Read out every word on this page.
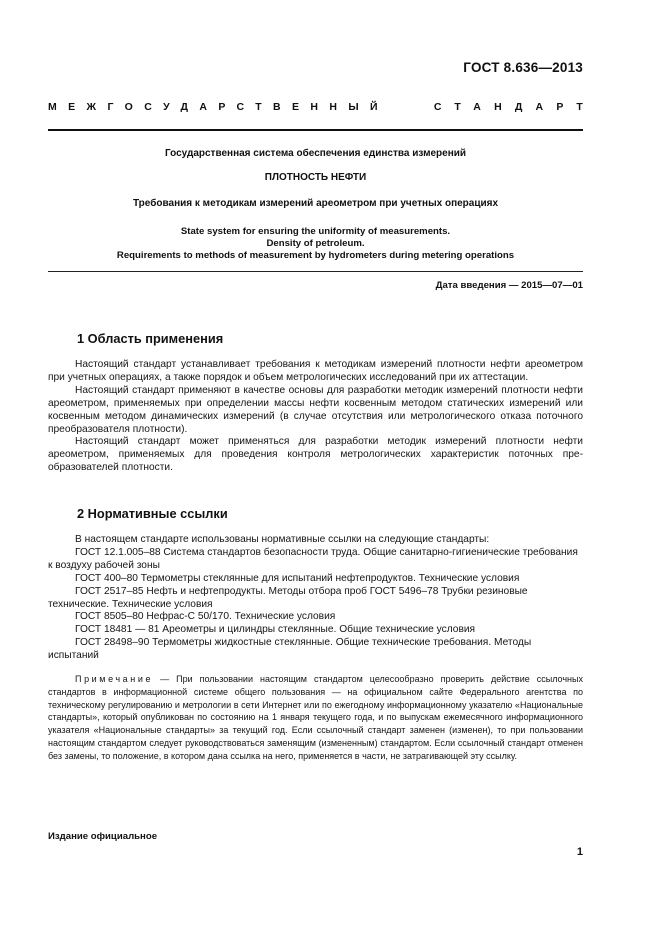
ГОСТ 8.636—2013
МЕЖГОСУДАРСТВЕННЫЙ	СТАНДАРТ
Государственная система обеспечения единства измерений
ПЛОТНОСТЬ НЕФТИ
Требования к методикам измерений ареометром при учетных операциях
State system for ensuring the uniformity of measurements.
Density of petroleum.
Requirements to methods of measurement by hydrometers during metering operations
Дата введения — 2015—07—01
1 Область применения

Настоящий стандарт устанавливает требования к методикам измерений плотности нефти ареометром при учетных операциях, а также порядок и объем метрологических исследований при их аттестации.

Настоящий стандарт применяют в качестве основы для разработки методик измерений плотности нефти ареометром, применяемых при определении массы нефти косвенным методом статических измерений или косвенным методом динамических измерений (в случае отсутствия или метрологического отказа поточного преобразователя плотности).

Настоящий стандарт может применяться для разработки методик измерений плотности нефти ареометром, применяемых для проведения контроля метрологических характеристик поточных преобразователей плотности.

2 Нормативные ссылки

В настоящем стандарте использованы нормативные ссылки на следующие стандарты:

ГОСТ 12.1.005–88 Система стандартов безопасности труда. Общие санитарно-гигиенические требования к воздуху рабочей зоны

ГОСТ 400–80 Термометры стеклянные для испытаний нефтепродуктов. Технические условия

ГОСТ 2517–85 Нефть и нефтепродукты. Методы отбора проб ГОСТ 5496–78 Трубки резиновые технические. Технические условия

ГОСТ 8505–80 Нефрас-С 50/170. Технические условия

ГОСТ 18481 — 81 Ареометры и цилиндры стеклянные. Общие технические условия

ГОСТ 28498–90 Термометры жидкостные стеклянные. Общие технические требования. Методы испытаний

Примечание — При пользовании настоящим стандартом целесообразно проверить действие ссылочных стандартов в информационной системе общего пользования — на официальном сайте Федерального агентства по техническому регулированию и метрологии в сети Интернет или по ежегодному информационному указателю «Национальные стандарты», который опубликован по состоянию на 1 января текущего года, и по выпускам ежемесячного информационного указателя «Национальные стандарты» за текущий год. Если ссылочный стандарт заменен (изменен), то при пользовании настоящим стандартом следует руководствоваться заменящим (измененным) стандартом. Если ссылочный стандарт отменен без замены, то положение, в котором дана ссылка на него, применяется в части, не затрагивающей эту ссылку.

Издание официальное
1
